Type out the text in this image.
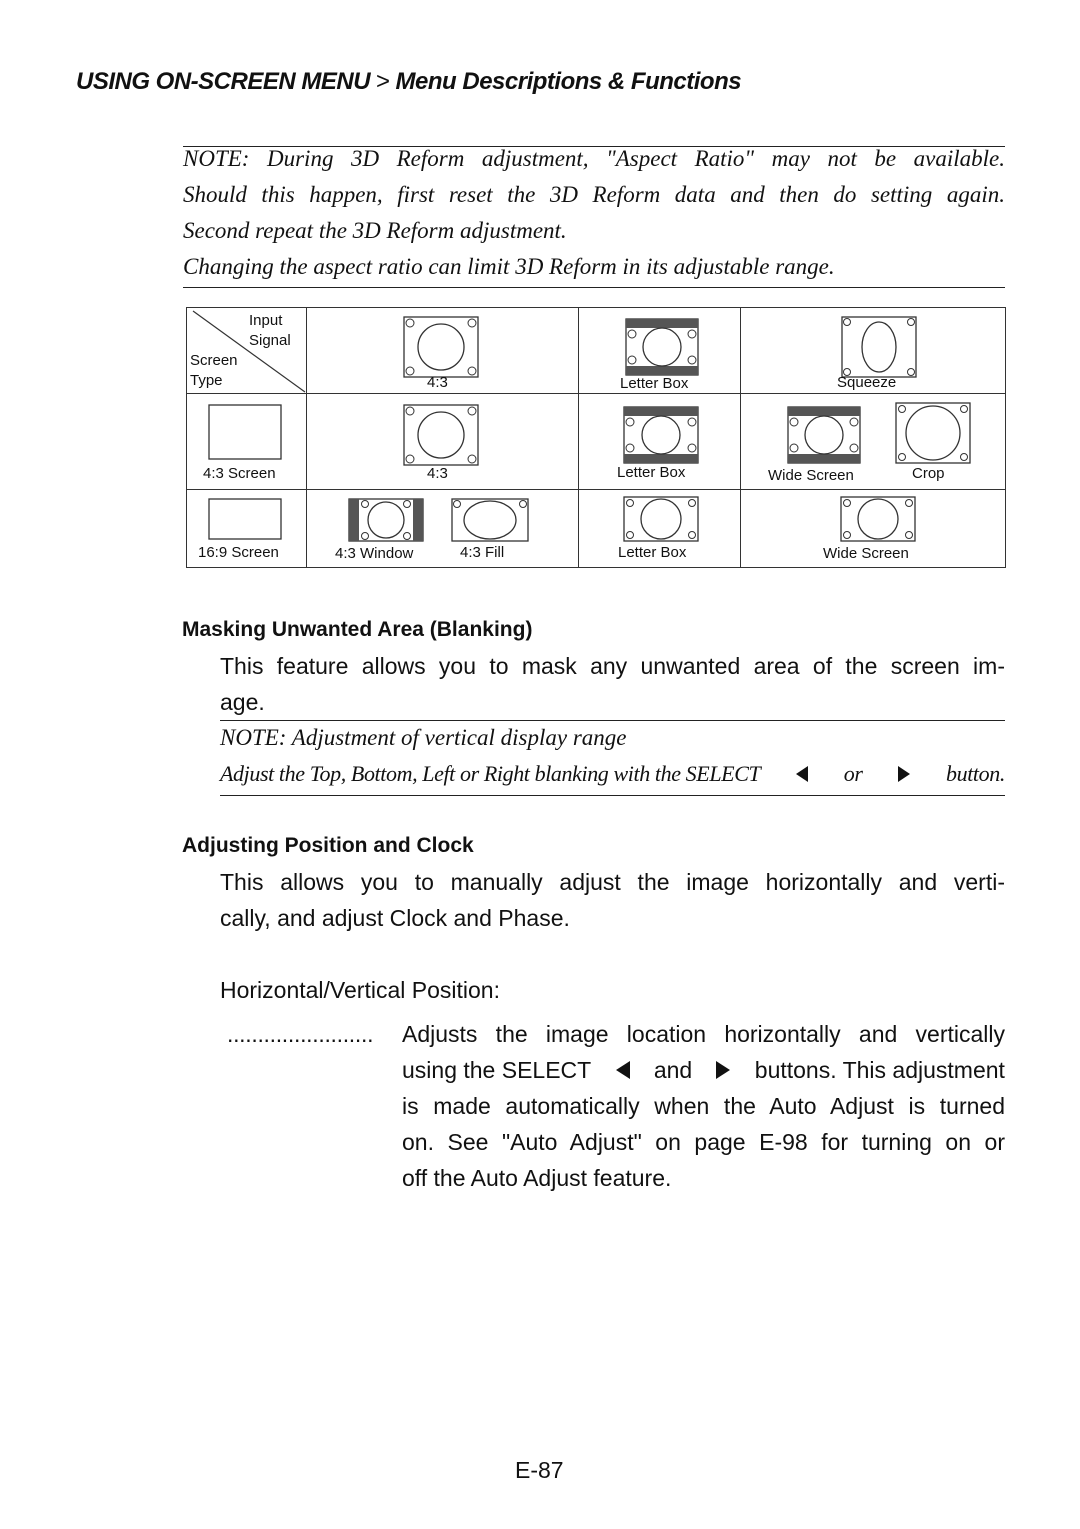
USING ON-SCREEN MENU > Menu Descriptions & Functions
NOTE: During 3D Reform adjustment, "Aspect Ratio" may not be available.
Should this happen, first reset the 3D Reform data and then do setting again.
Second repeat the 3D Reform adjustment.
Changing the aspect ratio can limit 3D Reform in its adjustable range.
Input
Signal
Screen
Type	4:3	Letter Box	Squeeze

4:3 Screen	4:3	Letter Box	Wide Screen Crop

16:9 Screen	4:3 Window 4:3 Fill	Letter Box	Wide Screen
Masking Unwanted Area (Blanking)
This feature allows you to mask any unwanted area of the screen im-
age.
NOTE: Adjustment of vertical display range
Adjust the Top, Bottom, Left or Right blanking with the SELECT	or	button.
Adjusting Position and Clock
This allows you to manually adjust the image horizontally and verti-
cally, and adjust Clock and Phase.
Horizontal/Vertical Position:
........................ Adjusts the image location horizontally and vertically
using the SELECT	and	buttons. This adjustment
is made automatically when the Auto Adjust is turned
on. See "Auto Adjust" on page E-98 for turning on or
off the Auto Adjust feature.
E-87
